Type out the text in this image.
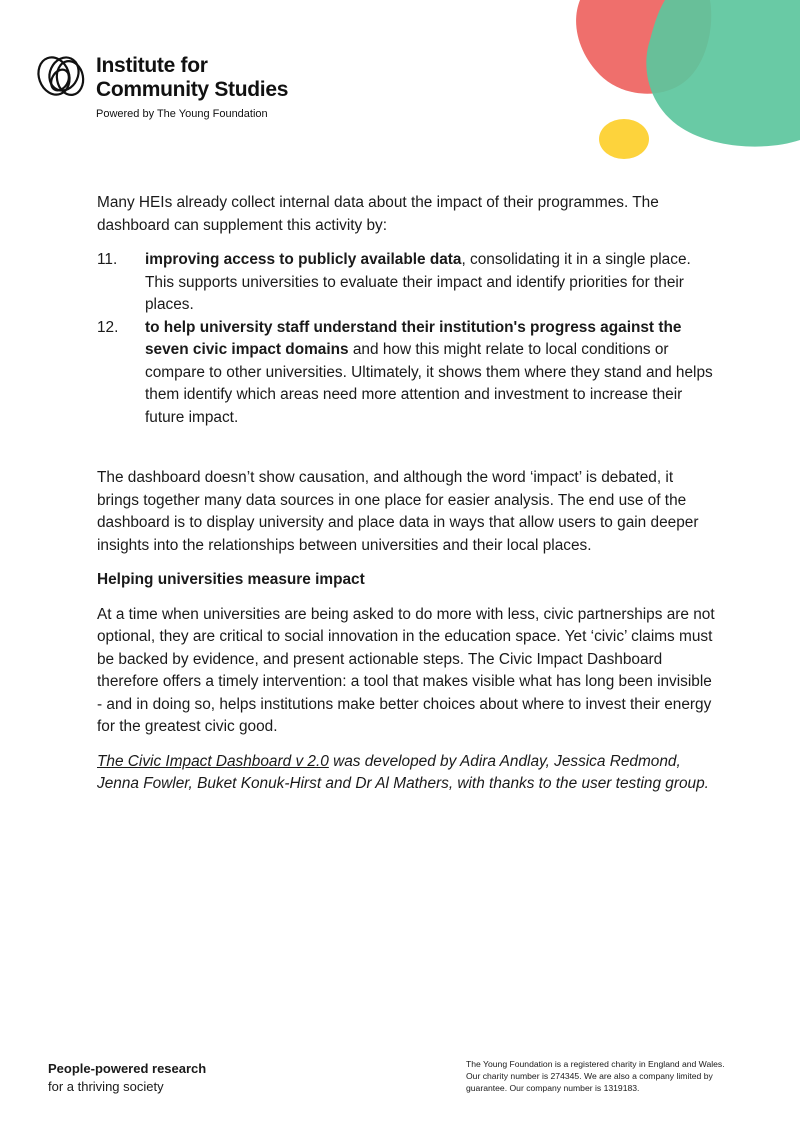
Institute for
Community Studies
Powered by The Young Foundation

Many HEIs already collect internal data about the impact of their programmes. The dashboard can supplement this activity by:

11. improving access to publicly available data, consolidating it in a single place. This supports universities to evaluate their impact and identify priorities for their places.
12. to help university staff understand their institution's progress against the seven civic impact domains and how this might relate to local conditions or compare to other universities. Ultimately, it shows them where they stand and helps them identify which areas need more attention and investment to increase their future impact.

The dashboard doesn’t show causation, and although the word ‘impact’ is debated, it brings together many data sources in one place for easier analysis. The end use of the dashboard is to display university and place data in ways that allow users to gain deeper insights into the relationships between universities and their local places.

Helping universities measure impact

At a time when universities are being asked to do more with less, civic partnerships are not optional, they are critical to social innovation in the education space. Yet ‘civic’ claims must be backed by evidence, and present actionable steps. The Civic Impact Dashboard therefore offers a timely intervention: a tool that makes visible what has long been invisible - and in doing so, helps institutions make better choices about where to invest their energy for the greatest civic good.

The Civic Impact Dashboard v 2.0 was developed by Adira Andlay, Jessica Redmond, Jenna Fowler, Buket Konuk-Hirst and Dr Al Mathers, with thanks to the user testing group.

People-powered research
for a thriving society
The Young Foundation is a registered charity in England and Wales.
Our charity number is 274345. We are also a company limited by
guarantee. Our company number is 1319183.
